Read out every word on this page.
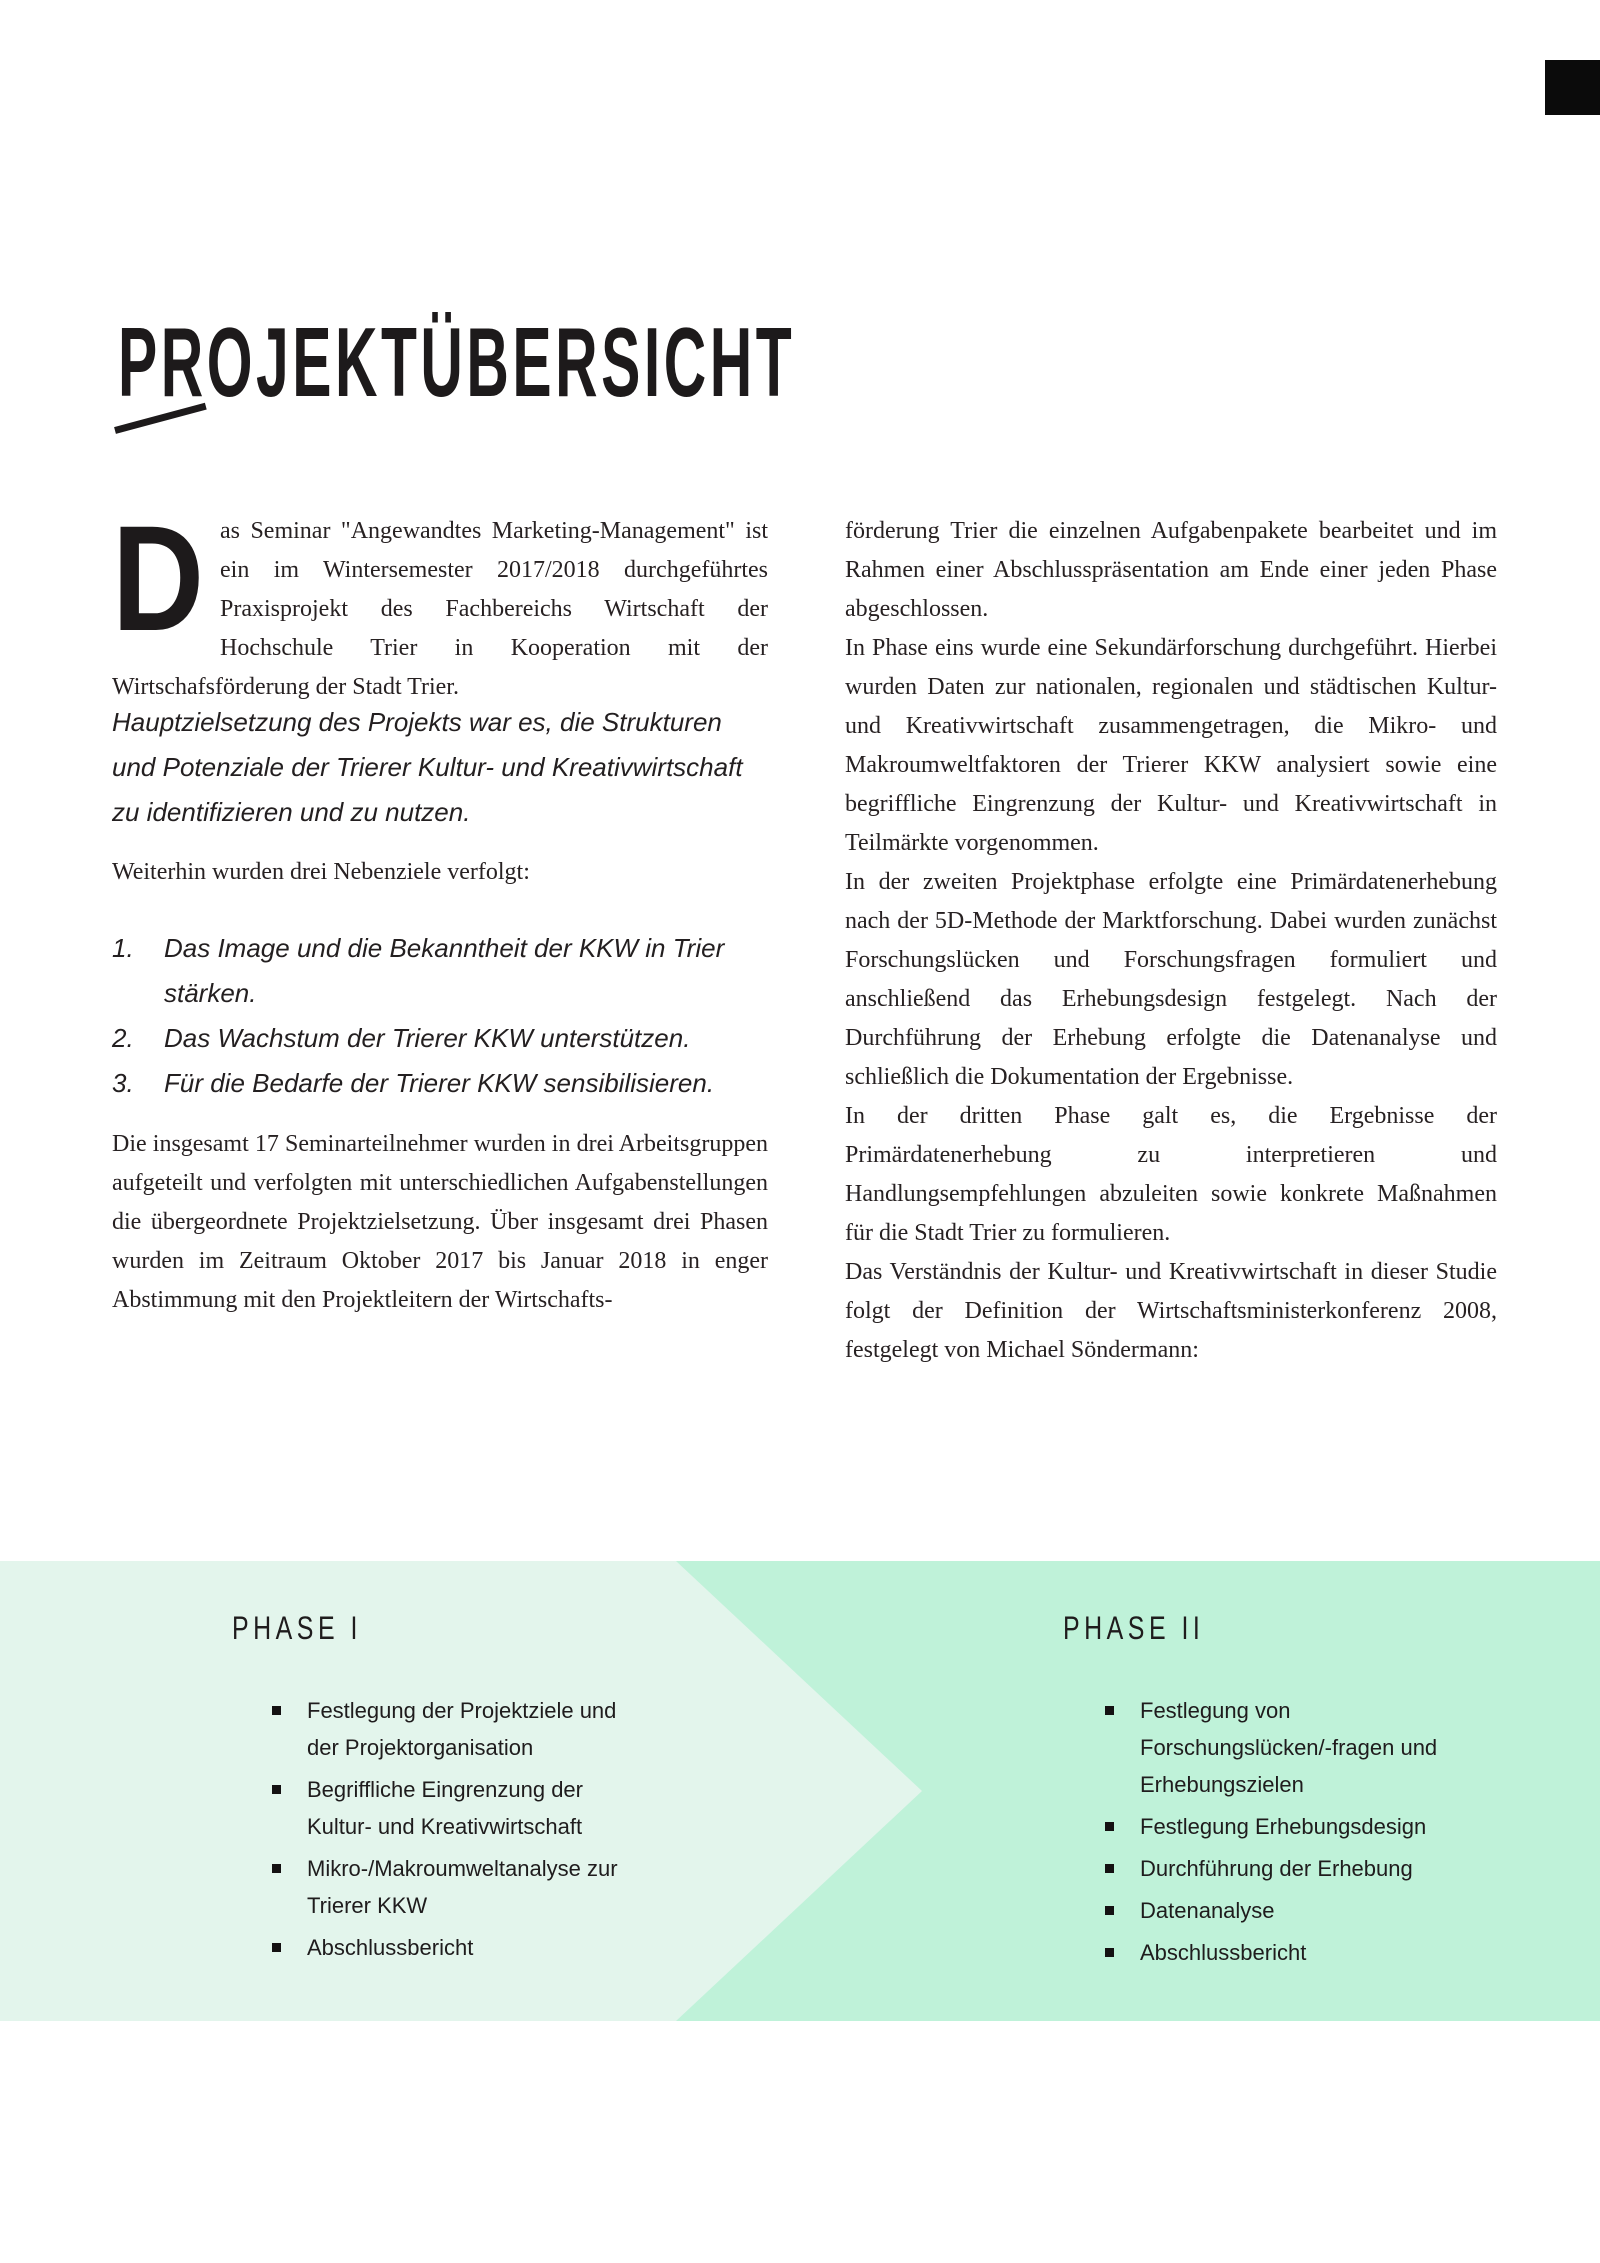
PROJEKTÜBERSICHT

Das Seminar "Angewandtes Marketing-Management" ist ein im Wintersemester 2017/2018 durchgeführtes Praxisprojekt des Fachbereichs Wirtschaft der Hochschule Trier in Kooperation mit der Wirtschafsförderung der Stadt Trier.

Hauptzielsetzung des Projekts war es, die Strukturen und Potenziale der Trierer Kultur- und Kreativwirtschaft zu identifizieren und zu nutzen.

Weiterhin wurden drei Nebenziele verfolgt:

1.	Das Image und die Bekanntheit der KKW in Trier stärken.
2.	Das Wachstum der Trierer KKW unterstützen.
3.	Für die Bedarfe der Trierer KKW sensibilisieren.

Die insgesamt 17 Seminarteilnehmer wurden in drei Arbeitsgruppen aufgeteilt und verfolgten mit unterschiedlichen Aufgabenstellungen die übergeordnete Projektzielsetzung. Über insgesamt drei Phasen wurden im Zeitraum Oktober 2017 bis Januar 2018 in enger Abstimmung mit den Projektleitern der Wirtschafts-

förderung Trier die einzelnen Aufgabenpakete bearbeitet und im Rahmen einer Abschlusspräsentation am Ende einer jeden Phase abgeschlossen.

In Phase eins wurde eine Sekundärforschung durchgeführt. Hierbei wurden Daten zur nationalen, regionalen und städtischen Kultur- und Kreativwirtschaft zusammengetragen, die Mikro- und Makroumweltfaktoren der Trierer KKW analysiert sowie eine begriffliche Eingrenzung der Kultur- und Kreativwirtschaft in Teilmärkte vorgenommen.

In der zweiten Projektphase erfolgte eine Primärdatenerhebung nach der 5D-Methode der Marktforschung. Dabei wurden zunächst Forschungslücken und Forschungsfragen formuliert und anschließend das Erhebungsdesign festgelegt. Nach der Durchführung der Erhebung erfolgte die Datenanalyse und schließlich die Dokumentation der Ergebnisse.

In der dritten Phase galt es, die Ergebnisse der Primärdatenerhebung zu interpretieren und Handlungsempfehlungen abzuleiten sowie konkrete Maßnahmen für die Stadt Trier zu formulieren.

Das Verständnis der Kultur- und Kreativwirtschaft in dieser Studie folgt der Definition der Wirtschaftsministerkonferenz 2008, festgelegt von Michael Söndermann:

PHASE I
Festlegung der Projektziele und der Projektorganisation
Begriffliche Eingrenzung der Kultur- und Kreativwirtschaft
Mikro-/Makroumweltanalyse zur Trierer KKW
Abschlussbericht
PHASE II
Festlegung von Forschungslücken/-fragen und Erhebungszielen
Festlegung Erhebungsdesign
Durchführung der Erhebung
Datenanalyse
Abschlussbericht
